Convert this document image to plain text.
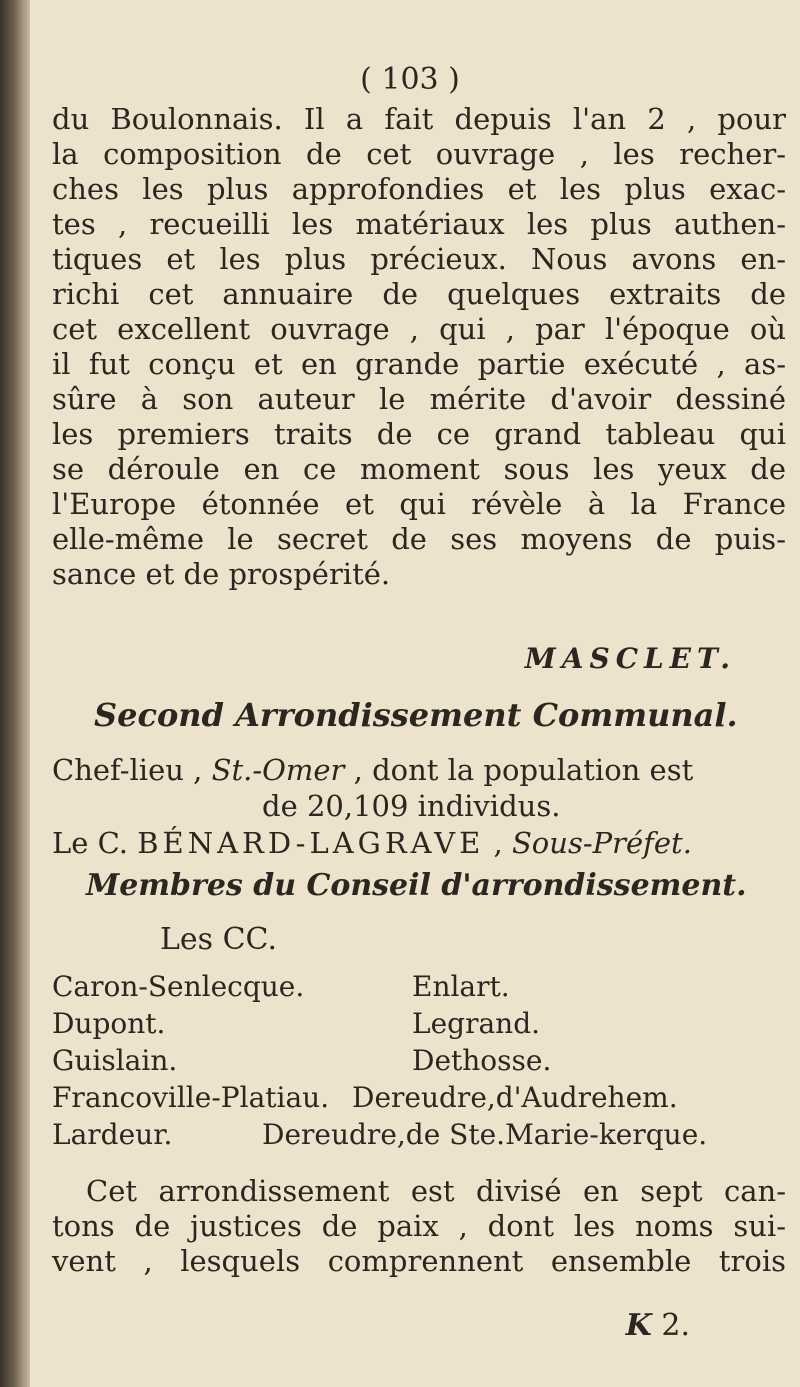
( 103 )
du Boulonnais. Il a fait depuis l'an 2 , pour
la composition de cet ouvrage , les recher-
ches les plus approfondies et les plus exac-
tes , recueilli les matériaux les plus authen-
tiques et les plus précieux. Nous avons en-
richi cet annuaire de quelques extraits de
cet excellent ouvrage , qui , par l'époque où
il fut conçu et en grande partie exécuté , as-
sûre à son auteur le mérite d'avoir dessiné
les premiers traits de ce grand tableau qui
se déroule en ce moment sous les yeux de
l'Europe étonnée et qui révèle à la France
elle-même le secret de ses moyens de puis-
sance et de prospérité.
MASCLET.
Second Arrondissement Communal.
Chef-lieu , St.-Omer , dont la population est
de 20,109 individus.
Le C. BÉNARD-LAGRAVE , Sous-Préfet.
Membres du Conseil d'arrondissement.
Les CC.
Caron-Senlecque.	Enlart.
Dupont.	Legrand.
Guislain.	Dethosse.
Francoville-Platiau. Dereudre,d'Audrehem.
Lardeur.	Dereudre,de Ste.Marie-kerque.
Cet arrondissement est divisé en sept can-
tons de justices de paix , dont les noms sui-
vent , lesquels comprennent ensemble trois
K 2.
